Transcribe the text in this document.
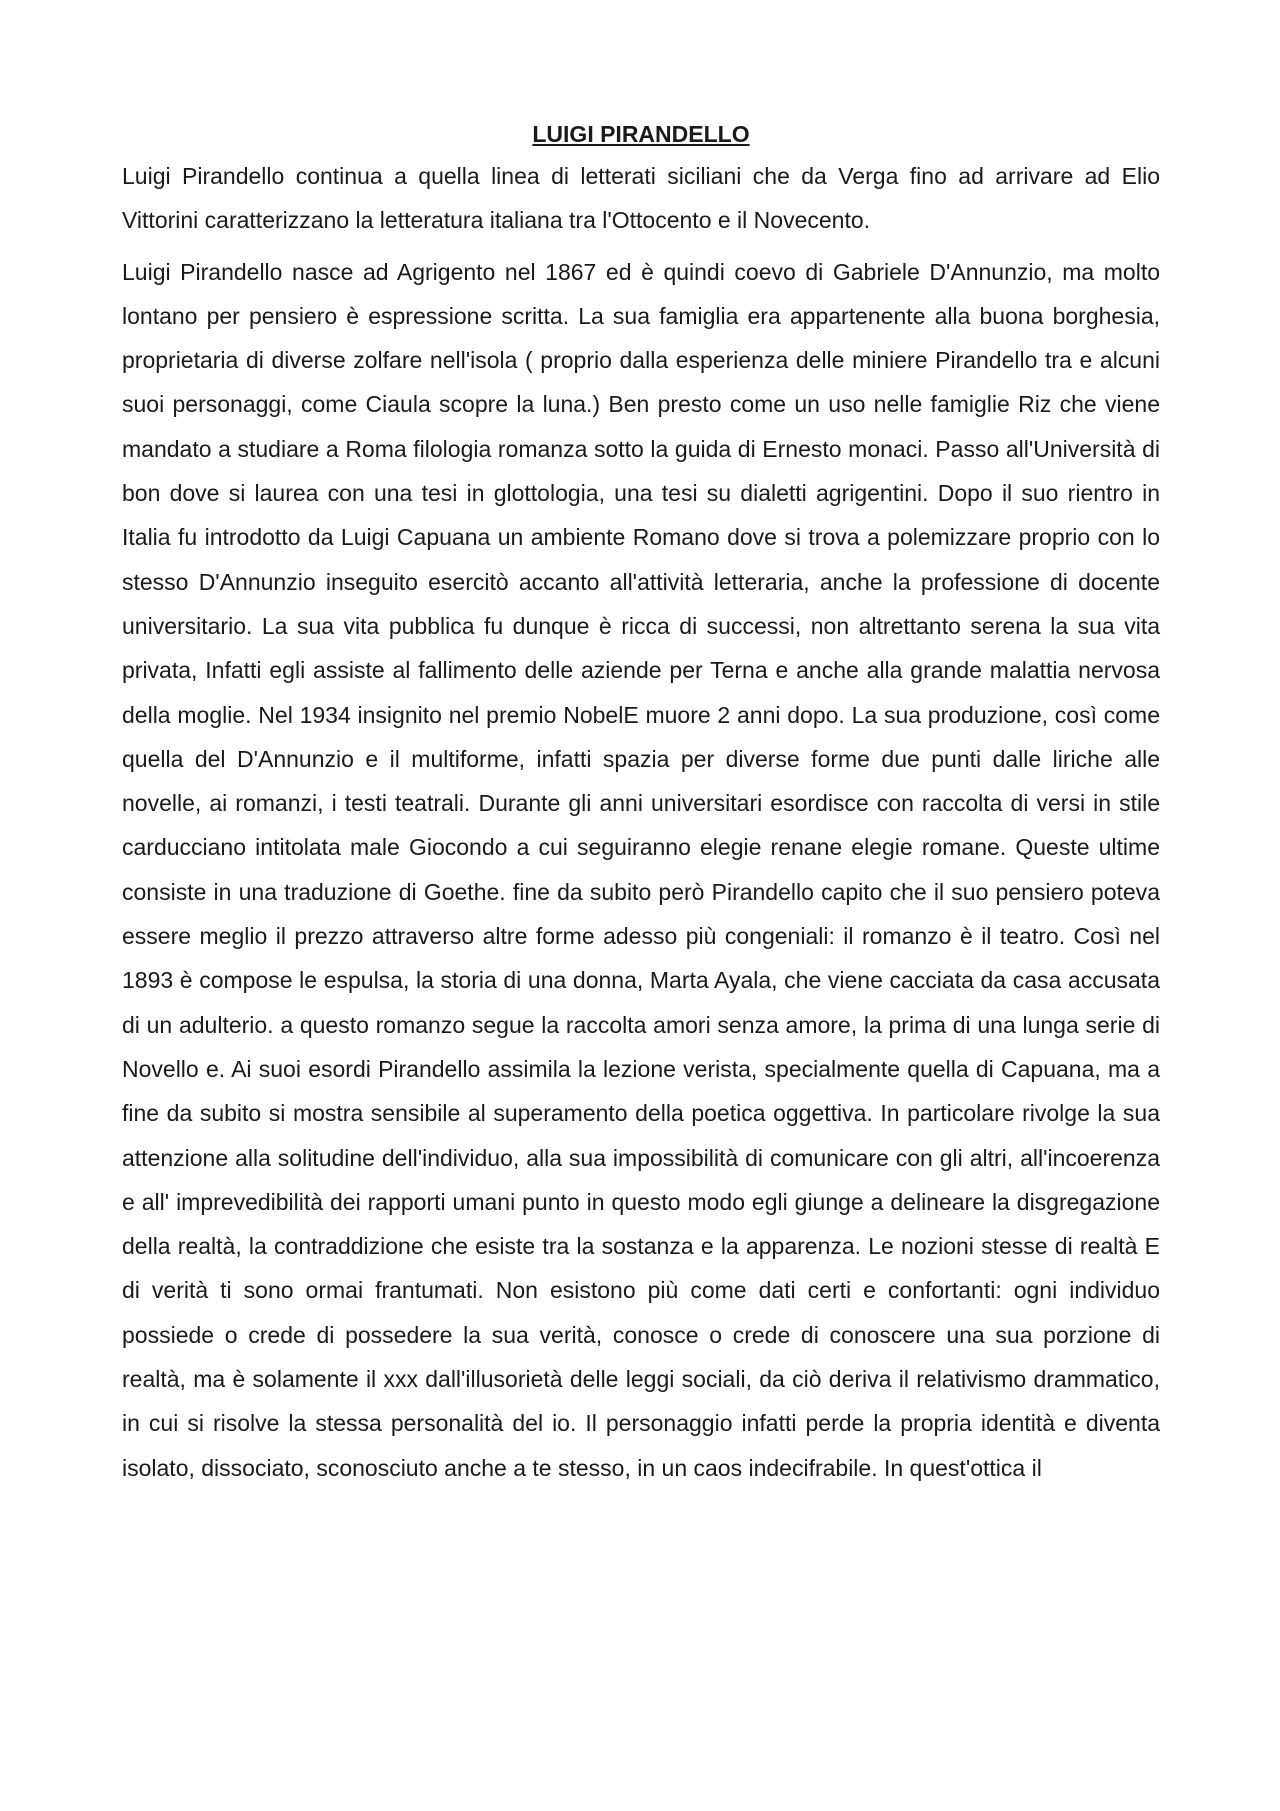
LUIGI PIRANDELLO

Luigi Pirandello continua a quella linea di letterati siciliani che da Verga fino ad arrivare ad Elio Vittorini caratterizzano la letteratura italiana tra l'Ottocento e il Novecento.

Luigi Pirandello nasce ad Agrigento nel 1867 ed è quindi coevo di Gabriele D'Annunzio, ma molto lontano per pensiero è espressione scritta. La sua famiglia era appartenente alla buona borghesia, proprietaria di diverse zolfare nell'isola ( proprio dalla esperienza delle miniere Pirandello tra e alcuni suoi personaggi, come Ciaula scopre la luna.) Ben presto come un uso nelle famiglie Riz che viene mandato a studiare a Roma filologia romanza sotto la guida di Ernesto monaci. Passo all'Università di bon dove si laurea con una tesi in glottologia, una tesi su dialetti agrigentini. Dopo il suo rientro in Italia fu introdotto da Luigi Capuana un ambiente Romano dove si trova a polemizzare proprio con lo stesso D'Annunzio inseguito esercitò accanto all'attività letteraria, anche la professione di docente universitario. La sua vita pubblica fu dunque è ricca di successi, non altrettanto serena la sua vita privata, Infatti egli assiste al fallimento delle aziende per Terna e anche alla grande malattia nervosa della moglie. Nel 1934 insignito nel premio NobelE muore 2 anni dopo. La sua produzione, così come quella del D'Annunzio e il multiforme, infatti spazia per diverse forme due punti dalle liriche alle novelle, ai romanzi, i testi teatrali. Durante gli anni universitari esordisce con raccolta di versi in stile carducciano intitolata male Giocondo a cui seguiranno elegie renane elegie romane. Queste ultime consiste in una traduzione di Goethe. fine da subito però Pirandello capito che il suo pensiero poteva essere meglio il prezzo attraverso altre forme adesso più congeniali: il romanzo è il teatro. Così nel 1893 è compose le espulsa, la storia di una donna, Marta Ayala, che viene cacciata da casa accusata di un adulterio. a questo romanzo segue la raccolta amori senza amore, la prima di una lunga serie di Novello e. Ai suoi esordi Pirandello assimila la lezione verista, specialmente quella di Capuana, ma a fine da subito si mostra sensibile al superamento della poetica oggettiva. In particolare rivolge la sua attenzione alla solitudine dell'individuo, alla sua impossibilità di comunicare con gli altri, all'incoerenza e all' imprevedibilità dei rapporti umani punto in questo modo egli giunge a delineare la disgregazione della realtà, la contraddizione che esiste tra la sostanza e la apparenza. Le nozioni stesse di realtà E di verità ti sono ormai frantumati. Non esistono più come dati certi e confortanti: ogni individuo possiede o crede di possedere la sua verità, conosce o crede di conoscere una sua porzione di realtà, ma è solamente il xxx dall'illusorietà delle leggi sociali, da ciò deriva il relativismo drammatico, in cui si risolve la stessa personalità del io. Il personaggio infatti perde la propria identità e diventa isolato, dissociato, sconosciuto anche a te stesso, in un caos indecifrabile. In quest'ottica il
